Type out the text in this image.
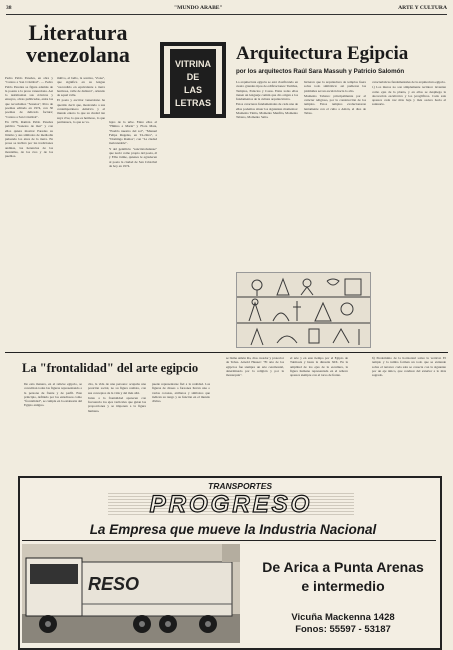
38	"MUNDO ARABE"	ARTE Y CULTURA
Literatura
venezolana

Pedro Pablo Paredes, en obra y "Cantos a San Cristóbal". — Pedro Pablo Paredes se figura además de la poesía a la prosa venezolana. Así lo testimonian sus crónicas y ensayos, obras publicadas, entre las que recordamos "Sonetos", libro de poemas editado en 1974, con 30 poemas de delicado factura; "Cantos a San Cristóbal".

En 1976, Ramón Pablo Paredes publica "Sonetos de mar" y con ellos quiere mostrar Paredes su lirismo y sus símbolos de mediodía pulsando los aires de la tierra. En prosa se inclinó por las tradiciones andinas, las herencias de las montañas, de los ríos y de los pueblos.

mitivo, el bello, la sonrisa, "Zona", que significa en su lengua "escondido en equivalente a tierra hermosa, valle de dulzura", oriundo de aquel valle.

El poeta y escritor venezolano ha querido decir que, mostrando a sus contemporáneos América y el mundo entero lo que su ciudad tan suya vive, lo que es hermoso, lo que permanece, lo que se va.	lujos de la urbe. Entre ellos el "Himno a María" y Flora Mata, "Pueblo nuestro del sol", "Manuel Felipe Rugeles, en Tá-chira", a "Domingo Ramos", con "La ciudad inalcanzable".

Y del gentilicio "sancristobalense" que nació como propio del poeta, él y Elba Jaime, quienes le agradecen al poeta la ciudad de San Cristóbal de hoy en 1974.

VITRINA
DE
LAS
LETRAS
Arquitectura Egipcia
por los arquitectos Raúl Sara Massuh y Patricio Salomón

La arquitectura egipcia se está clasificando en cuatro grandes tipos de edificaciones: Tumbas, Templos, Palacios y Casas. Entre todas ellas tienen un lenguaje común que dio origen a los fundamentos de la cultura arquitectónica.

Estos caracteres fundamentales de cada una de ellas podemos situar los siguientes momentos: Momento Tinita, Momento Menfita, Momento Tebano, Momento Saíta.

hicieron que la arquitectura de templos fuera sobre todo simbólica: así pudieron las pirámides ser un escalón hacia lo alto.

Momento Tebano: principalmente por el carácter religioso, por la construcción de los templos. Estos templos evolucionaron lentamente con el culto a Amón, el dios de Tebas.

características fundamentales de la arquitectura egipcia.

1) Los muros no son simplemente recintos: levantan como ejes de la planta, y en ellos se despliega la decoración escultórica y los jeroglíficos. Cada sala aparece cada vez más baja y más oscura hacia el santuario.

La "frontalidad" del arte egipcio

De esta manera, en el relieve egipcio, se concebían todas las figuras representando a la persona de frente y de perfil. Este principio, definido por los estudiosos como "frontalidad", se cumple en la estatuaria del Egipto antiguo.

cita, la vida de una persona: ocupaba una posición social, no su figura realista, con sus conceptos de la vida y del más allá.

Junto a la frontalidad aparecen con frecuencia los ejes verticales que guían las proporciones y se imponen a la figura humana.

puede representarse fiel a la realidad. Las figuras de dioses o faraones llevan una o varias coronas, atributos y símbolos que indican su rango y su función en el mundo divino.

se llama Amón Ra, dios creador y protector de Tebas. Arnold Hauser: "El arte de los egipcios fue siempre un arte ceremonial, determinado por la religión y por la monarquía".

el arte y en este tiempo por el Egipto de Tutmosis y hasta la dinastía XIX. En la amplitud de los ejes de la escultura, la figura humana representada en el relieve aparece siempre con el torso de frente.

6) Predominio de la horizontal sobre la vertical. El templo y la tumba forman un todo que se extiende sobre el terreno: cada sala se conecta con la siguiente por un eje único, que conduce del exterior a lo más sagrado.

TRANSPORTES
PROGRESO
La Empresa que mueve la Industria Nacional
RESO
De Arica a Punta Arenas
e intermedio
Vicuña Mackenna 1428
Fonos: 55597 - 53187
